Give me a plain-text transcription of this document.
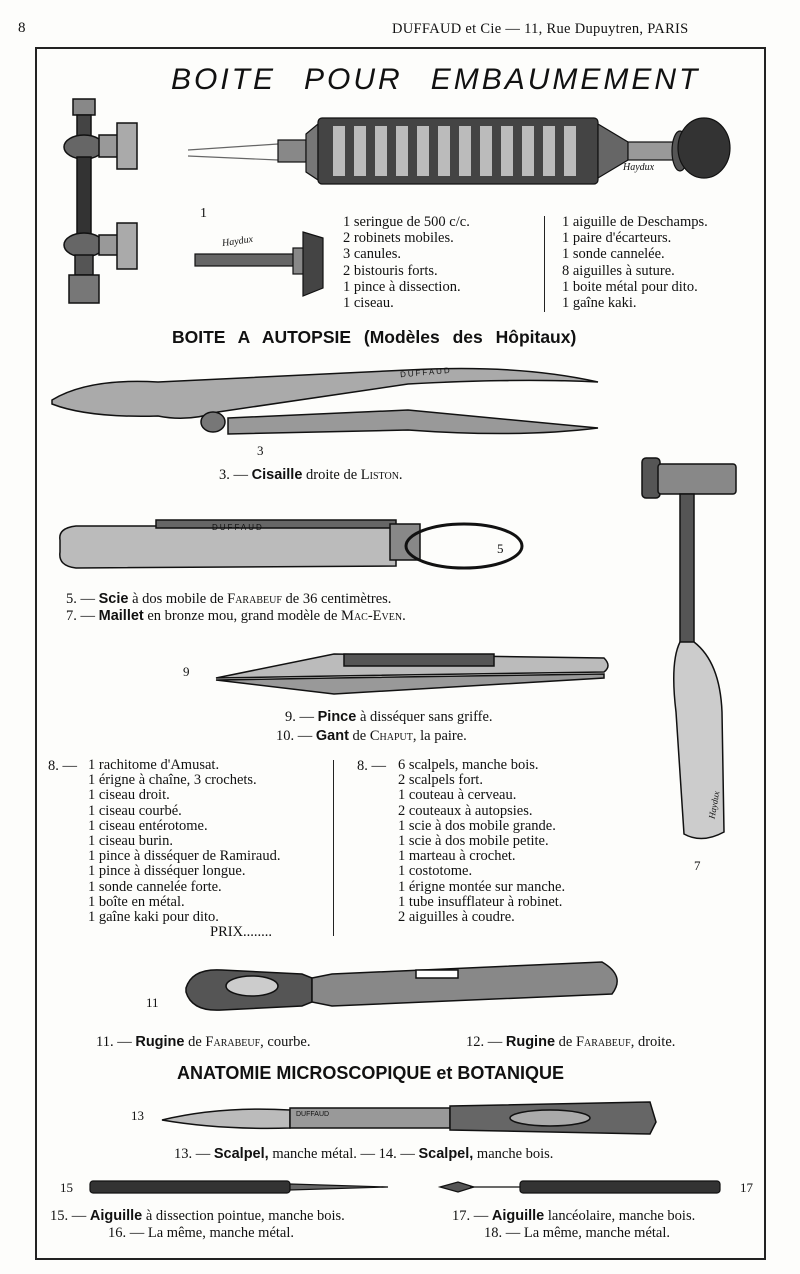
8	DUFFAUD et Cie — 11, Rue Dupuytren, PARIS
BOITE POUR EMBAUMEMENT
Haydux
1
Haydux
1 seringue de 500 c/c.
2 robinets mobiles.
3 canules.
2 bistouris forts.
1 pince à dissection.
1 ciseau.
1 aiguille de Deschamps.
1 paire d'écarteurs.
1 sonde cannelée.
8 aiguilles à suture.
1 boite métal pour dito.
1 gaîne kaki.
BOITE A AUTOPSIE (Modèles des Hôpitaux)
DUFFAUD
3
3. — Cisaille droite de Liston.
Haydux
7
DUFFAUD
5
5. — Scie à dos mobile de Farabeuf de 36 centimètres.
7. — Maillet en bronze mou, grand modèle de Mac-Even.
9
9. — Pince à disséquer sans griffe.
10. — Gant de Chaput, la paire.
8. — 1 rachitome d'Amusat.
1 érigne à chaîne, 3 crochets.
1 ciseau droit.
1 ciseau courbé.
1 ciseau entérotome.
1 ciseau burin.
1 pince à disséquer de Ramiraud.
1 pince à disséquer longue.
1 sonde cannelée forte.
1 boîte en métal.
1 gaîne kaki pour dito.
PRIX........
8. — 6 scalpels, manche bois.
2 scalpels fort.
1 couteau à cerveau.
2 couteaux à autopsies.
1 scie à dos mobile grande.
1 scie à dos mobile petite.
1 marteau à crochet.
1 costotome.
1 érigne montée sur manche.
1 tube insufflateur à robinet.
2 aiguilles à coudre.
11
11. — Rugine de Farabeuf, courbe.	12. — Rugine de Farabeuf, droite.
ANATOMIE MICROSCOPIQUE et BOTANIQUE
13	DUFFAUD
13. — Scalpel, manche métal. — 14. — Scalpel, manche bois.
15	17
15. — Aiguille à dissection pointue, manche bois.
16. — La même, manche métal.
17. — Aiguille lancéolaire, manche bois.
18. — La même, manche métal.
